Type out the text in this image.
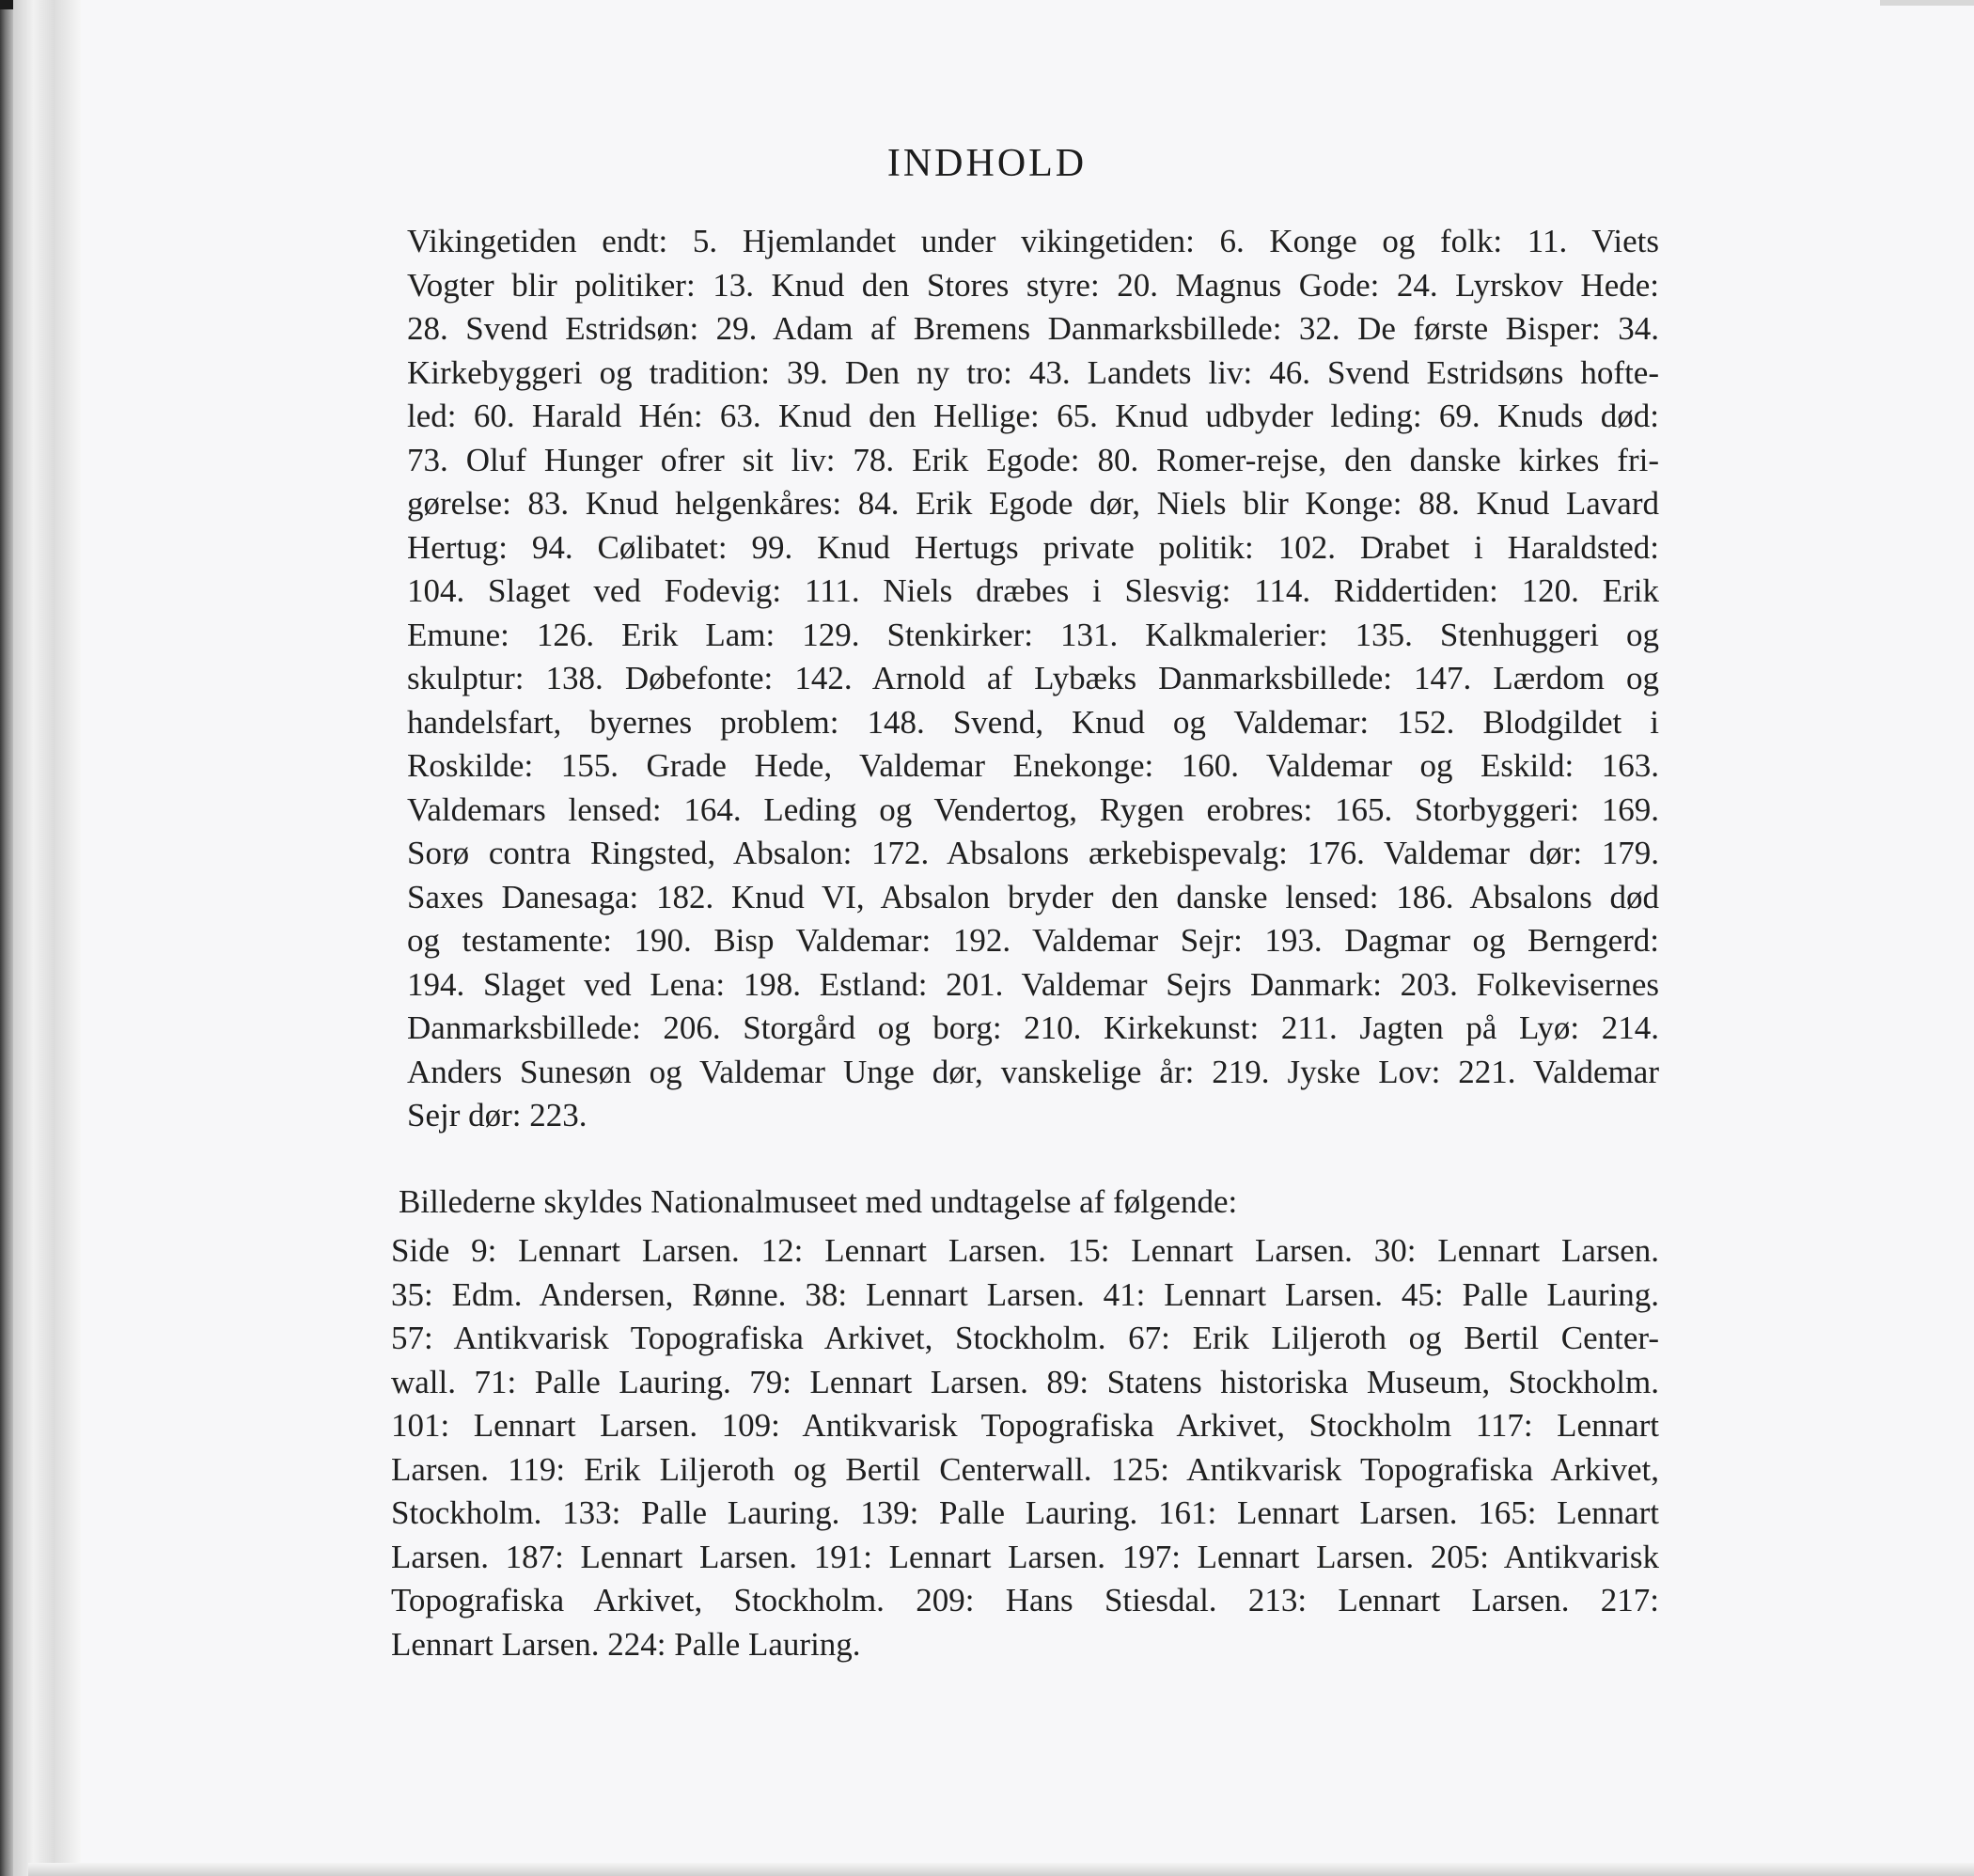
INDHOLD
Vikingetiden endt: 5. Hjemlandet under vikingetiden: 6. Konge og folk: 11. Viets
Vogter blir politiker: 13. Knud den Stores styre: 20. Magnus Gode: 24. Lyrskov Hede:
28. Svend Estridsøn: 29. Adam af Bremens Danmarksbillede: 32. De første Bisper: 34.
Kirkebyggeri og tradition: 39. Den ny tro: 43. Landets liv: 46. Svend Estridsøns hofte-
led: 60. Harald Hén: 63. Knud den Hellige: 65. Knud udbyder leding: 69. Knuds død:
73. Oluf Hunger ofrer sit liv: 78. Erik Egode: 80. Romer-rejse, den danske kirkes fri-
gørelse: 83. Knud helgenkåres: 84. Erik Egode dør, Niels blir Konge: 88. Knud Lavard
Hertug: 94. Cølibatet: 99. Knud Hertugs private politik: 102. Drabet i Haraldsted:
104. Slaget ved Fodevig: 111. Niels dræbes i Slesvig: 114. Riddertiden: 120. Erik
Emune: 126. Erik Lam: 129. Stenkirker: 131. Kalkmalerier: 135. Stenhuggeri og
skulptur: 138. Døbefonte: 142. Arnold af Lybæks Danmarksbillede: 147. Lærdom og
handelsfart, byernes problem: 148. Svend, Knud og Valdemar: 152. Blodgildet i
Roskilde: 155. Grade Hede, Valdemar Enekonge: 160. Valdemar og Eskild: 163.
Valdemars lensed: 164. Leding og Vendertog, Rygen erobres: 165. Storbyggeri: 169.
Sorø contra Ringsted, Absalon: 172. Absalons ærkebispevalg: 176. Valdemar dør: 179.
Saxes Danesaga: 182. Knud VI, Absalon bryder den danske lensed: 186. Absalons død
og testamente: 190. Bisp Valdemar: 192. Valdemar Sejr: 193. Dagmar og Berngerd:
194. Slaget ved Lena: 198. Estland: 201. Valdemar Sejrs Danmark: 203. Folkevisernes
Danmarksbillede: 206. Storgård og borg: 210. Kirkekunst: 211. Jagten på Lyø: 214.
Anders Sunesøn og Valdemar Unge dør, vanskelige år: 219. Jyske Lov: 221. Valdemar
Sejr dør: 223.
Billederne skyldes Nationalmuseet med undtagelse af følgende:
Side 9: Lennart Larsen. 12: Lennart Larsen. 15: Lennart Larsen. 30: Lennart Larsen.
35: Edm. Andersen, Rønne. 38: Lennart Larsen. 41: Lennart Larsen. 45: Palle Lauring.
57: Antikvarisk Topografiska Arkivet, Stockholm. 67: Erik Liljeroth og Bertil Center-
wall. 71: Palle Lauring. 79: Lennart Larsen. 89: Statens historiska Museum, Stockholm.
101: Lennart Larsen. 109: Antikvarisk Topografiska Arkivet, Stockholm 117: Lennart
Larsen. 119: Erik Liljeroth og Bertil Centerwall. 125: Antikvarisk Topografiska Arkivet,
Stockholm. 133: Palle Lauring. 139: Palle Lauring. 161: Lennart Larsen. 165: Lennart
Larsen. 187: Lennart Larsen. 191: Lennart Larsen. 197: Lennart Larsen. 205: Antikvarisk
Topografiska Arkivet, Stockholm. 209: Hans Stiesdal. 213: Lennart Larsen. 217:
Lennart Larsen. 224: Palle Lauring.
